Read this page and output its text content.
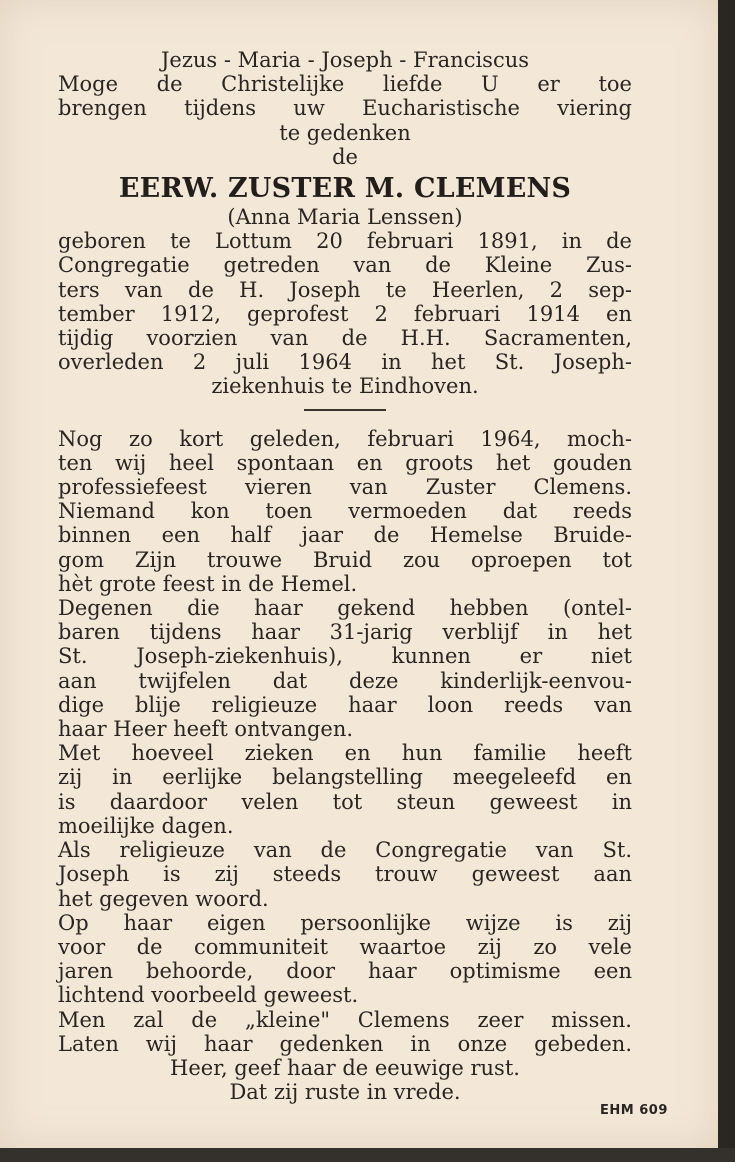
Jezus - Maria - Joseph - Franciscus
Moge de Christelijke liefde U er toe
brengen tijdens uw Eucharistische viering
te gedenken
de
EERW. ZUSTER M. CLEMENS
(Anna Maria Lenssen)
geboren te Lottum 20 februari 1891, in de
Congregatie getreden van de Kleine Zus-
ters van de H. Joseph te Heerlen, 2 sep-
tember 1912, geprofest 2 februari 1914 en
tijdig voorzien van de H.H. Sacramenten,
overleden 2 juli 1964 in het St. Joseph-
ziekenhuis te Eindhoven.
Nog zo kort geleden, februari 1964, moch-
ten wij heel spontaan en groots het gouden
professiefeest vieren van Zuster Clemens.
Niemand kon toen vermoeden dat reeds
binnen een half jaar de Hemelse Bruide-
gom Zijn trouwe Bruid zou oproepen tot
hèt grote feest in de Hemel.
Degenen die haar gekend hebben (ontel-
baren tijdens haar 31-jarig verblijf in het
St. Joseph-ziekenhuis), kunnen er niet
aan twijfelen dat deze kinderlijk-eenvou-
dige blije religieuze haar loon reeds van
haar Heer heeft ontvangen.
Met hoeveel zieken en hun familie heeft
zij in eerlijke belangstelling meegeleefd en
is daardoor velen tot steun geweest in
moeilijke dagen.
Als religieuze van de Congregatie van St.
Joseph is zij steeds trouw geweest aan
het gegeven woord.
Op haar eigen persoonlijke wijze is zij
voor de communiteit waartoe zij zo vele
jaren behoorde, door haar optimisme een
lichtend voorbeeld geweest.
Men zal de „kleine" Clemens zeer missen.
Laten wij haar gedenken in onze gebeden.
Heer, geef haar de eeuwige rust.
Dat zij ruste in vrede.
EHM 609
